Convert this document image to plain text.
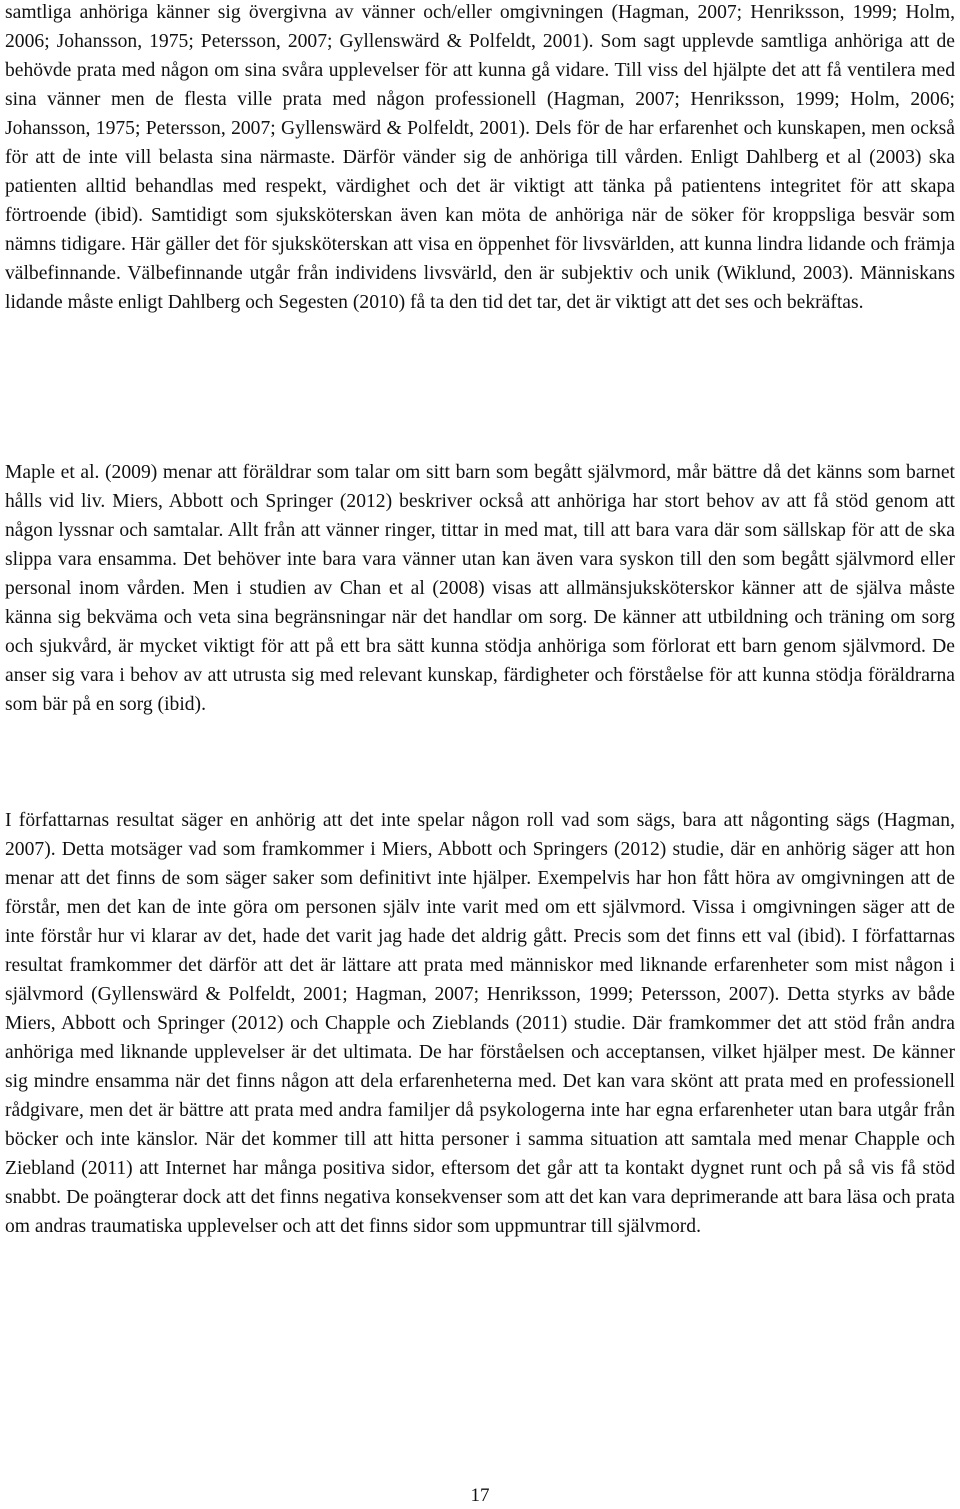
samtliga anhöriga känner sig övergivna av vänner och/eller omgivningen (Hagman, 2007; Henriksson, 1999; Holm, 2006; Johansson, 1975; Petersson, 2007; Gyllenswärd & Polfeldt, 2001). Som sagt upplevde samtliga anhöriga att de behövde prata med någon om sina svåra upplevelser för att kunna gå vidare. Till viss del hjälpte det att få ventilera med sina vänner men de flesta ville prata med någon professionell (Hagman, 2007; Henriksson, 1999; Holm, 2006; Johansson, 1975; Petersson, 2007; Gyllenswärd & Polfeldt, 2001). Dels för de har erfarenhet och kunskapen, men också för att de inte vill belasta sina närmaste. Därför vänder sig de anhöriga till vården. Enligt Dahlberg et al (2003) ska patienten alltid behandlas med respekt, värdighet och det är viktigt att tänka på patientens integritet för att skapa förtroende (ibid). Samtidigt som sjuksköterskan även kan möta de anhöriga när de söker för kroppsliga besvär som nämns tidigare. Här gäller det för sjuksköterskan att visa en öppenhet för livsvärlden, att kunna lindra lidande och främja välbefinnande. Välbefinnande utgår från individens livsvärld, den är subjektiv och unik (Wiklund, 2003). Människans lidande måste enligt Dahlberg och Segesten (2010) få ta den tid det tar, det är viktigt att det ses och bekräftas.

Maple et al. (2009) menar att föräldrar som talar om sitt barn som begått självmord, mår bättre då det känns som barnet hålls vid liv. Miers, Abbott och Springer (2012) beskriver också att anhöriga har stort behov av att få stöd genom att någon lyssnar och samtalar. Allt från att vänner ringer, tittar in med mat, till att bara vara där som sällskap för att de ska slippa vara ensamma. Det behöver inte bara vara vänner utan kan även vara syskon till den som begått självmord eller personal inom vården. Men i studien av Chan et al (2008) visas att allmänsjuksköterskor känner att de själva måste känna sig bekväma och veta sina begränsningar när det handlar om sorg. De känner att utbildning och träning om sorg och sjukvård, är mycket viktigt för att på ett bra sätt kunna stödja anhöriga som förlorat ett barn genom självmord. De anser sig vara i behov av att utrusta sig med relevant kunskap, färdigheter och förståelse för att kunna stödja föräldrarna som bär på en sorg (ibid).

I författarnas resultat säger en anhörig att det inte spelar någon roll vad som sägs, bara att någonting sägs (Hagman, 2007). Detta motsäger vad som framkommer i Miers, Abbott och Springers (2012) studie, där en anhörig säger att hon menar att det finns de som säger saker som definitivt inte hjälper. Exempelvis har hon fått höra av omgivningen att de förstår, men det kan de inte göra om personen själv inte varit med om ett självmord. Vissa i omgivningen säger att de inte förstår hur vi klarar av det, hade det varit jag hade det aldrig gått. Precis som det finns ett val (ibid). I författarnas resultat framkommer det därför att det är lättare att prata med människor med liknande erfarenheter som mist någon i självmord (Gyllenswärd & Polfeldt, 2001; Hagman, 2007; Henriksson, 1999; Petersson, 2007). Detta styrks av både Miers, Abbott och Springer (2012) och Chapple och Zieblands (2011) studie. Där framkommer det att stöd från andra anhöriga med liknande upplevelser är det ultimata. De har förståelsen och acceptansen, vilket hjälper mest. De känner sig mindre ensamma när det finns någon att dela erfarenheterna med. Det kan vara skönt att prata med en professionell rådgivare, men det är bättre att prata med andra familjer då psykologerna inte har egna erfarenheter utan bara utgår från böcker och inte känslor. När det kommer till att hitta personer i samma situation att samtala med menar Chapple och Ziebland (2011) att Internet har många positiva sidor, eftersom det går att ta kontakt dygnet runt och på så vis få stöd snabbt. De poängterar dock att det finns negativa konsekvenser som att det kan vara deprimerande att bara läsa och prata om andras traumatiska upplevelser och att det finns sidor som uppmuntrar till självmord.

17
